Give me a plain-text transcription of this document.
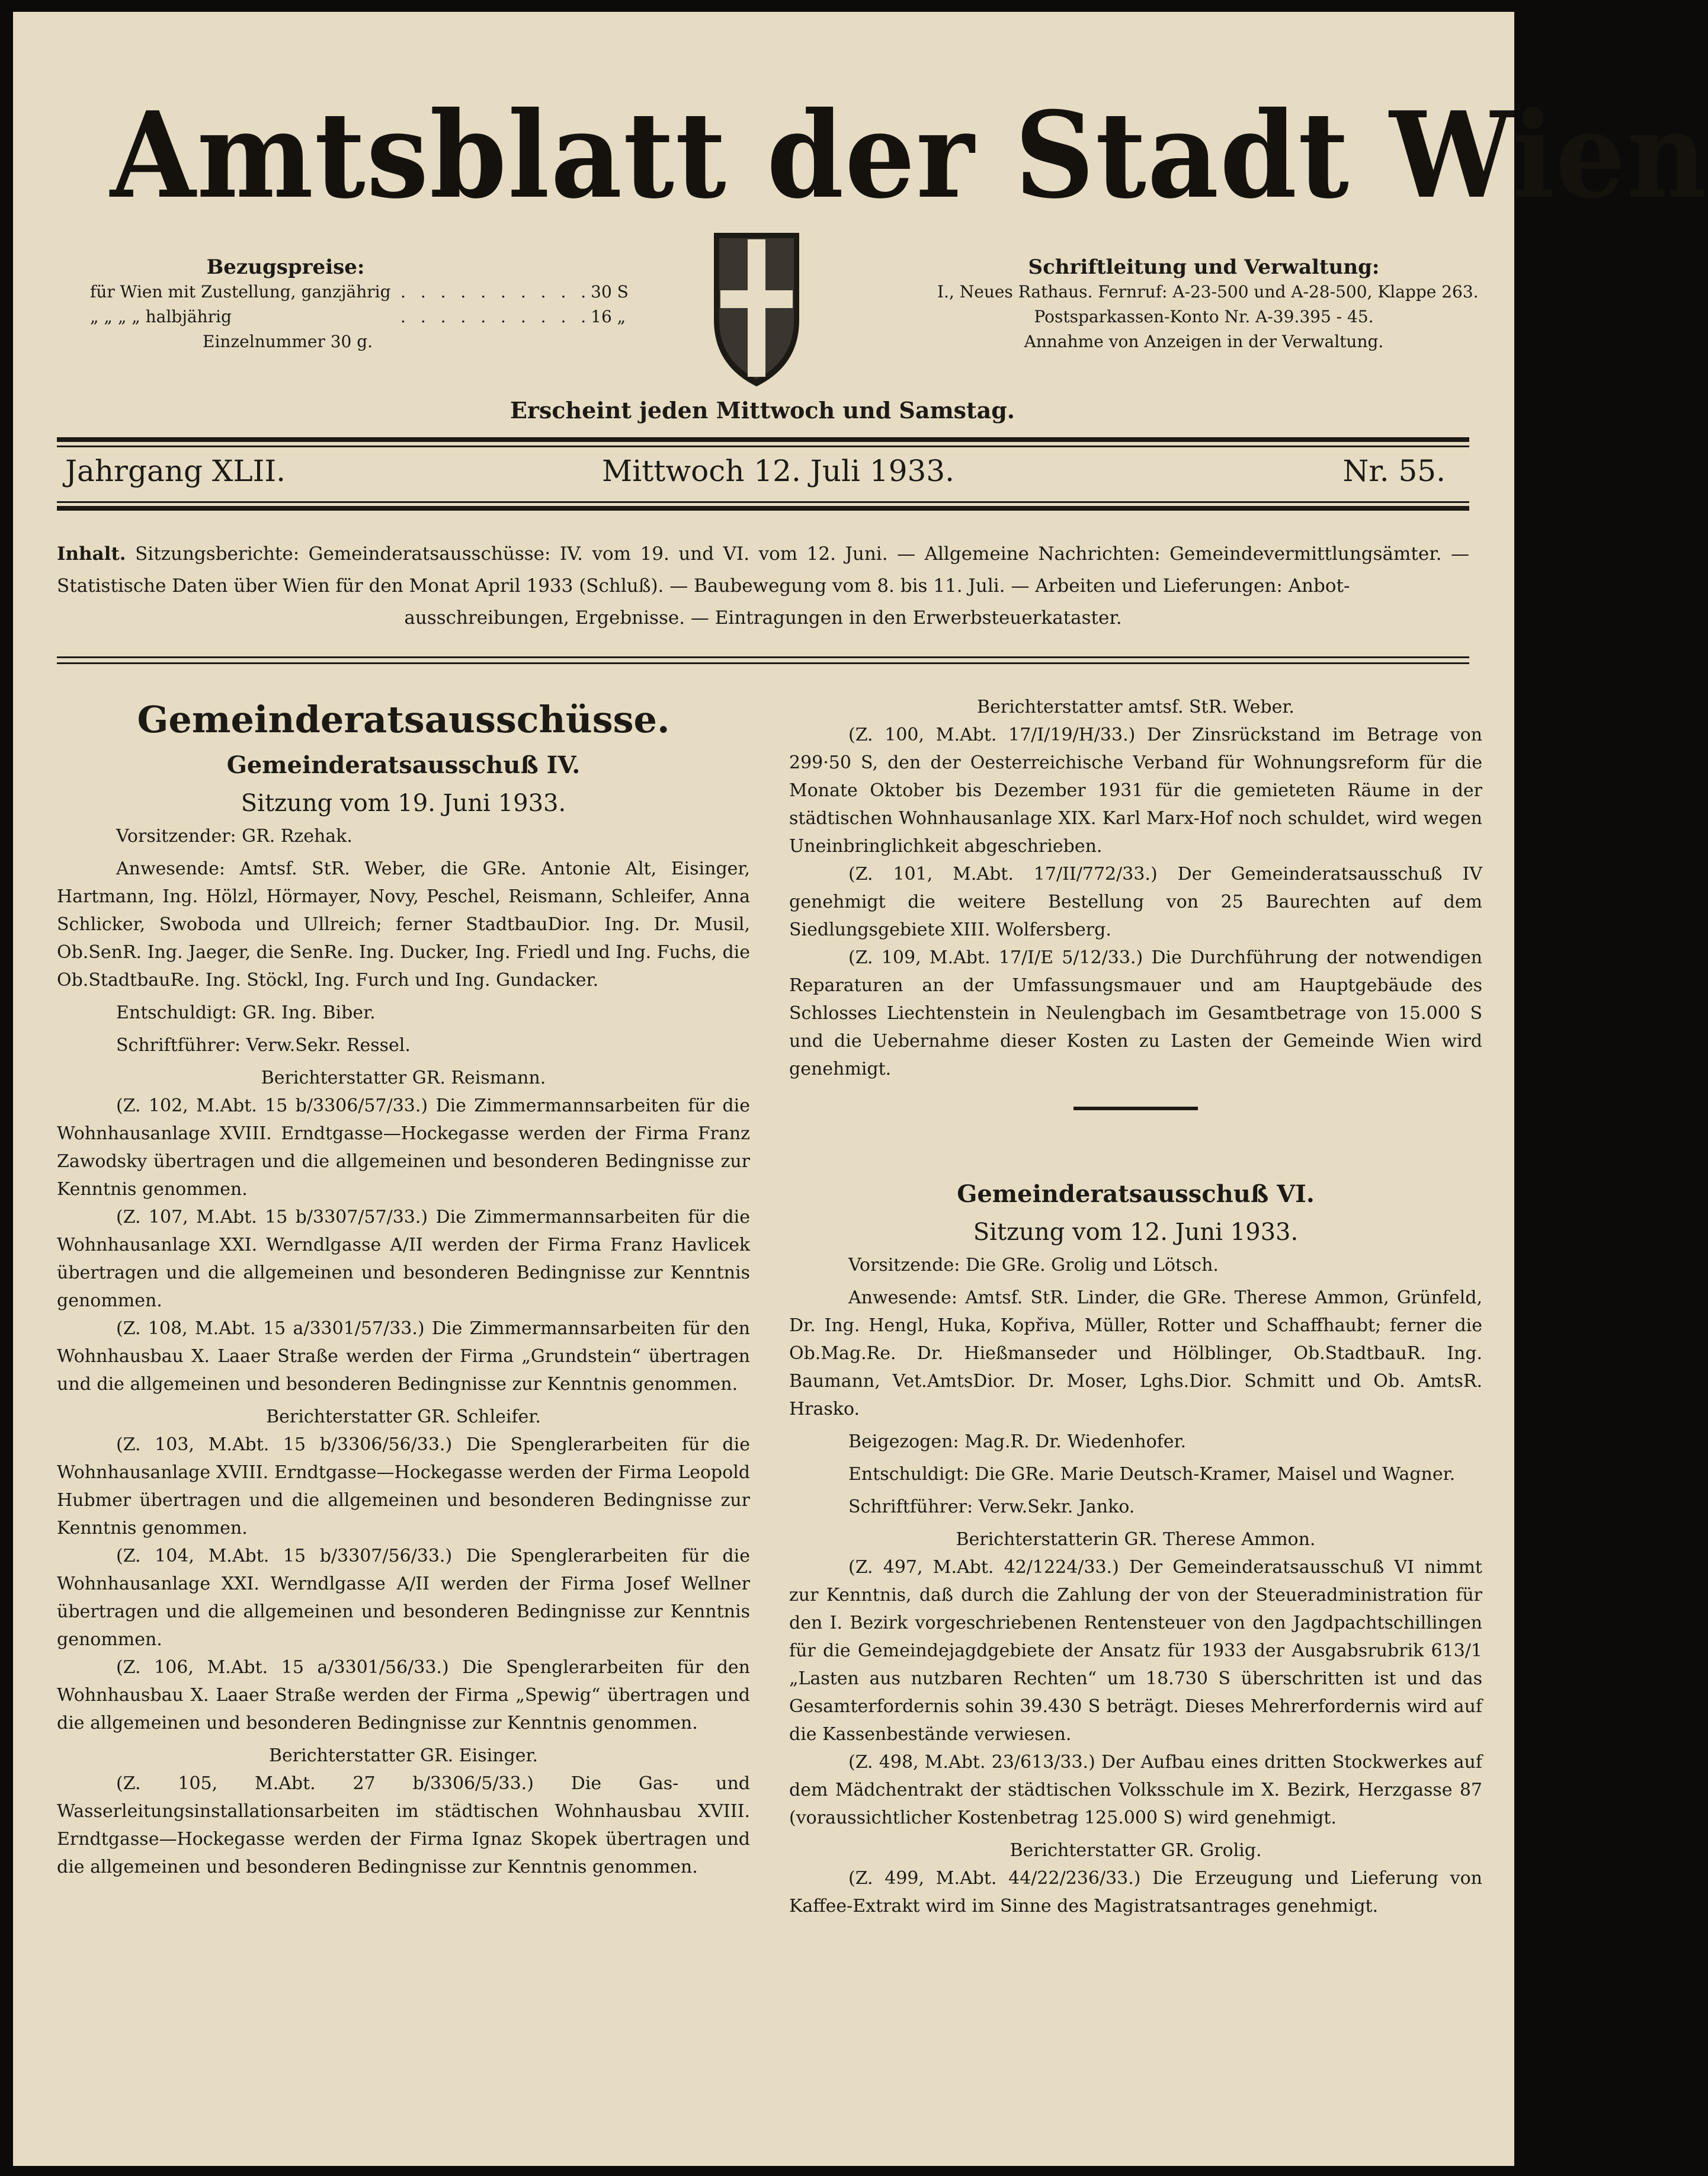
Amtsblatt der Stadt Wien
Bezugspreise:
für Wien mit Zustellung, ganzjährig . . . . . . . . . . 30 S
„ „ „ „ halbjährig	. . . . . . . . . . 16 „
Einzelnummer 30 g.
Schriftleitung und Verwaltung:
I., Neues Rathaus. Fernruf: A-23-500 und A-28-500, Klappe 263.
Postsparkassen-Konto Nr. A-39.395 - 45.
Annahme von Anzeigen in der Verwaltung.
Erscheint jeden Mittwoch und Samstag.
Jahrgang XLII.	Mittwoch 12. Juli 1933.	Nr. 55.
Inhalt. Sitzungsberichte: Gemeinderatsausschüsse: IV. vom 19. und VI. vom 12. Juni. — Allgemeine Nachrichten: Gemeindevermittlungsämter. — Statistische Daten über Wien für den Monat April 1933 (Schluß). — Baubewegung vom 8. bis 11. Juli. — Arbeiten und Lieferungen: Anbot-
ausschreibungen, Ergebnisse. — Eintragungen in den Erwerbsteuerkataster.

Gemeinderatsausschüsse.

Gemeinderatsausschuß IV.

Sitzung vom 19. Juni 1933.

Vorsitzender: GR. Rzehak.

Anwesende: Amtsf. StR. Weber, die GRe. Antonie Alt, Eisinger, Hartmann, Ing. Hölzl, Hörmayer, Novy, Peschel, Reismann, Schleifer, Anna Schlicker, Swoboda und Ullreich; ferner StadtbauDior. Ing. Dr. Musil, Ob.SenR. Ing. Jaeger, die SenRe. Ing. Ducker, Ing. Friedl und Ing. Fuchs, die Ob.StadtbauRe. Ing. Stöckl, Ing. Furch und Ing. Gundacker.

Entschuldigt: GR. Ing. Biber.

Schriftführer: Verw.Sekr. Ressel.

Berichterstatter GR. Reismann.

(Z. 102, M.Abt. 15 b/3306/57/33.) Die Zimmermannsarbeiten für die Wohnhausanlage XVIII. Erndtgasse—Hockegasse werden der Firma Franz Zawodsky übertragen und die allgemeinen und besonderen Bedingnisse zur Kenntnis genommen.

(Z. 107, M.Abt. 15 b/3307/57/33.) Die Zimmermannsarbeiten für die Wohnhausanlage XXI. Werndlgasse A/II werden der Firma Franz Havlicek übertragen und die allgemeinen und besonderen Bedingnisse zur Kenntnis genommen.

(Z. 108, M.Abt. 15 a/3301/57/33.) Die Zimmermannsarbeiten für den Wohnhausbau X. Laaer Straße werden der Firma „Grundstein“ übertragen und die allgemeinen und besonderen Bedingnisse zur Kenntnis genommen.

Berichterstatter GR. Schleifer.

(Z. 103, M.Abt. 15 b/3306/56/33.) Die Spenglerarbeiten für die Wohnhausanlage XVIII. Erndtgasse—Hockegasse werden der Firma Leopold Hubmer übertragen und die allgemeinen und besonderen Bedingnisse zur Kenntnis genommen.

(Z. 104, M.Abt. 15 b/3307/56/33.) Die Spenglerarbeiten für die Wohnhausanlage XXI. Werndlgasse A/II werden der Firma Josef Wellner übertragen und die allgemeinen und besonderen Bedingnisse zur Kenntnis genommen.

(Z. 106, M.Abt. 15 a/3301/56/33.) Die Spenglerarbeiten für den Wohnhausbau X. Laaer Straße werden der Firma „Spewig“ übertragen und die allgemeinen und besonderen Bedingnisse zur Kenntnis genommen.

Berichterstatter GR. Eisinger.

(Z. 105, M.Abt. 27 b/3306/5/33.) Die Gas- und Wasserleitungsinstallationsarbeiten im städtischen Wohnhausbau XVIII. Erndtgasse—Hockegasse werden der Firma Ignaz Skopek übertragen und die allgemeinen und besonderen Bedingnisse zur Kenntnis genommen.

Berichterstatter amtsf. StR. Weber.

(Z. 100, M.Abt. 17/I/19/H/33.) Der Zinsrückstand im Betrage von 299·50 S, den der Oesterreichische Verband für Wohnungsreform für die Monate Oktober bis Dezember 1931 für die gemieteten Räume in der städtischen Wohnhausanlage XIX. Karl Marx-Hof noch schuldet, wird wegen Uneinbringlichkeit abgeschrieben.

(Z. 101, M.Abt. 17/II/772/33.) Der Gemeinderatsausschuß IV genehmigt die weitere Bestellung von 25 Baurechten auf dem Siedlungsgebiete XIII. Wolfersberg.

(Z. 109, M.Abt. 17/I/E 5/12/33.) Die Durchführung der notwendigen Reparaturen an der Umfassungsmauer und am Hauptgebäude des Schlosses Liechtenstein in Neulengbach im Gesamtbetrage von 15.000 S und die Uebernahme dieser Kosten zu Lasten der Gemeinde Wien wird genehmigt.

Gemeinderatsausschuß VI.

Sitzung vom 12. Juni 1933.

Vorsitzende: Die GRe. Grolig und Lötsch.

Anwesende: Amtsf. StR. Linder, die GRe. Therese Ammon, Grünfeld, Dr. Ing. Hengl, Huka, Kopřiva, Müller, Rotter und Schaffhaubt; ferner die Ob.Mag.Re. Dr. Hießmanseder und Hölblinger, Ob.StadtbauR. Ing. Baumann, Vet.AmtsDior. Dr. Moser, Lghs.Dior. Schmitt und Ob. AmtsR. Hrasko.

Beigezogen: Mag.R. Dr. Wiedenhofer.

Entschuldigt: Die GRe. Marie Deutsch-Kramer, Maisel und Wagner.

Schriftführer: Verw.Sekr. Janko.

Berichterstatterin GR. Therese Ammon.

(Z. 497, M.Abt. 42/1224/33.) Der Gemeinderatsausschuß VI nimmt zur Kenntnis, daß durch die Zahlung der von der Steueradministration für den I. Bezirk vorgeschriebenen Rentensteuer von den Jagdpachtschillingen für die Gemeindejagdgebiete der Ansatz für 1933 der Ausgabsrubrik 613/1 „Lasten aus nutzbaren Rechten“ um 18.730 S überschritten ist und das Gesamterfordernis sohin 39.430 S beträgt. Dieses Mehrerfordernis wird auf die Kassenbestände verwiesen.

(Z. 498, M.Abt. 23/613/33.) Der Aufbau eines dritten Stockwerkes auf dem Mädchentrakt der städtischen Volksschule im X. Bezirk, Herzgasse 87 (voraussichtlicher Kostenbetrag 125.000 S) wird genehmigt.

Berichterstatter GR. Grolig.

(Z. 499, M.Abt. 44/22/236/33.) Die Erzeugung und Lieferung von Kaffee-Extrakt wird im Sinne des Magistratsantrages genehmigt.
